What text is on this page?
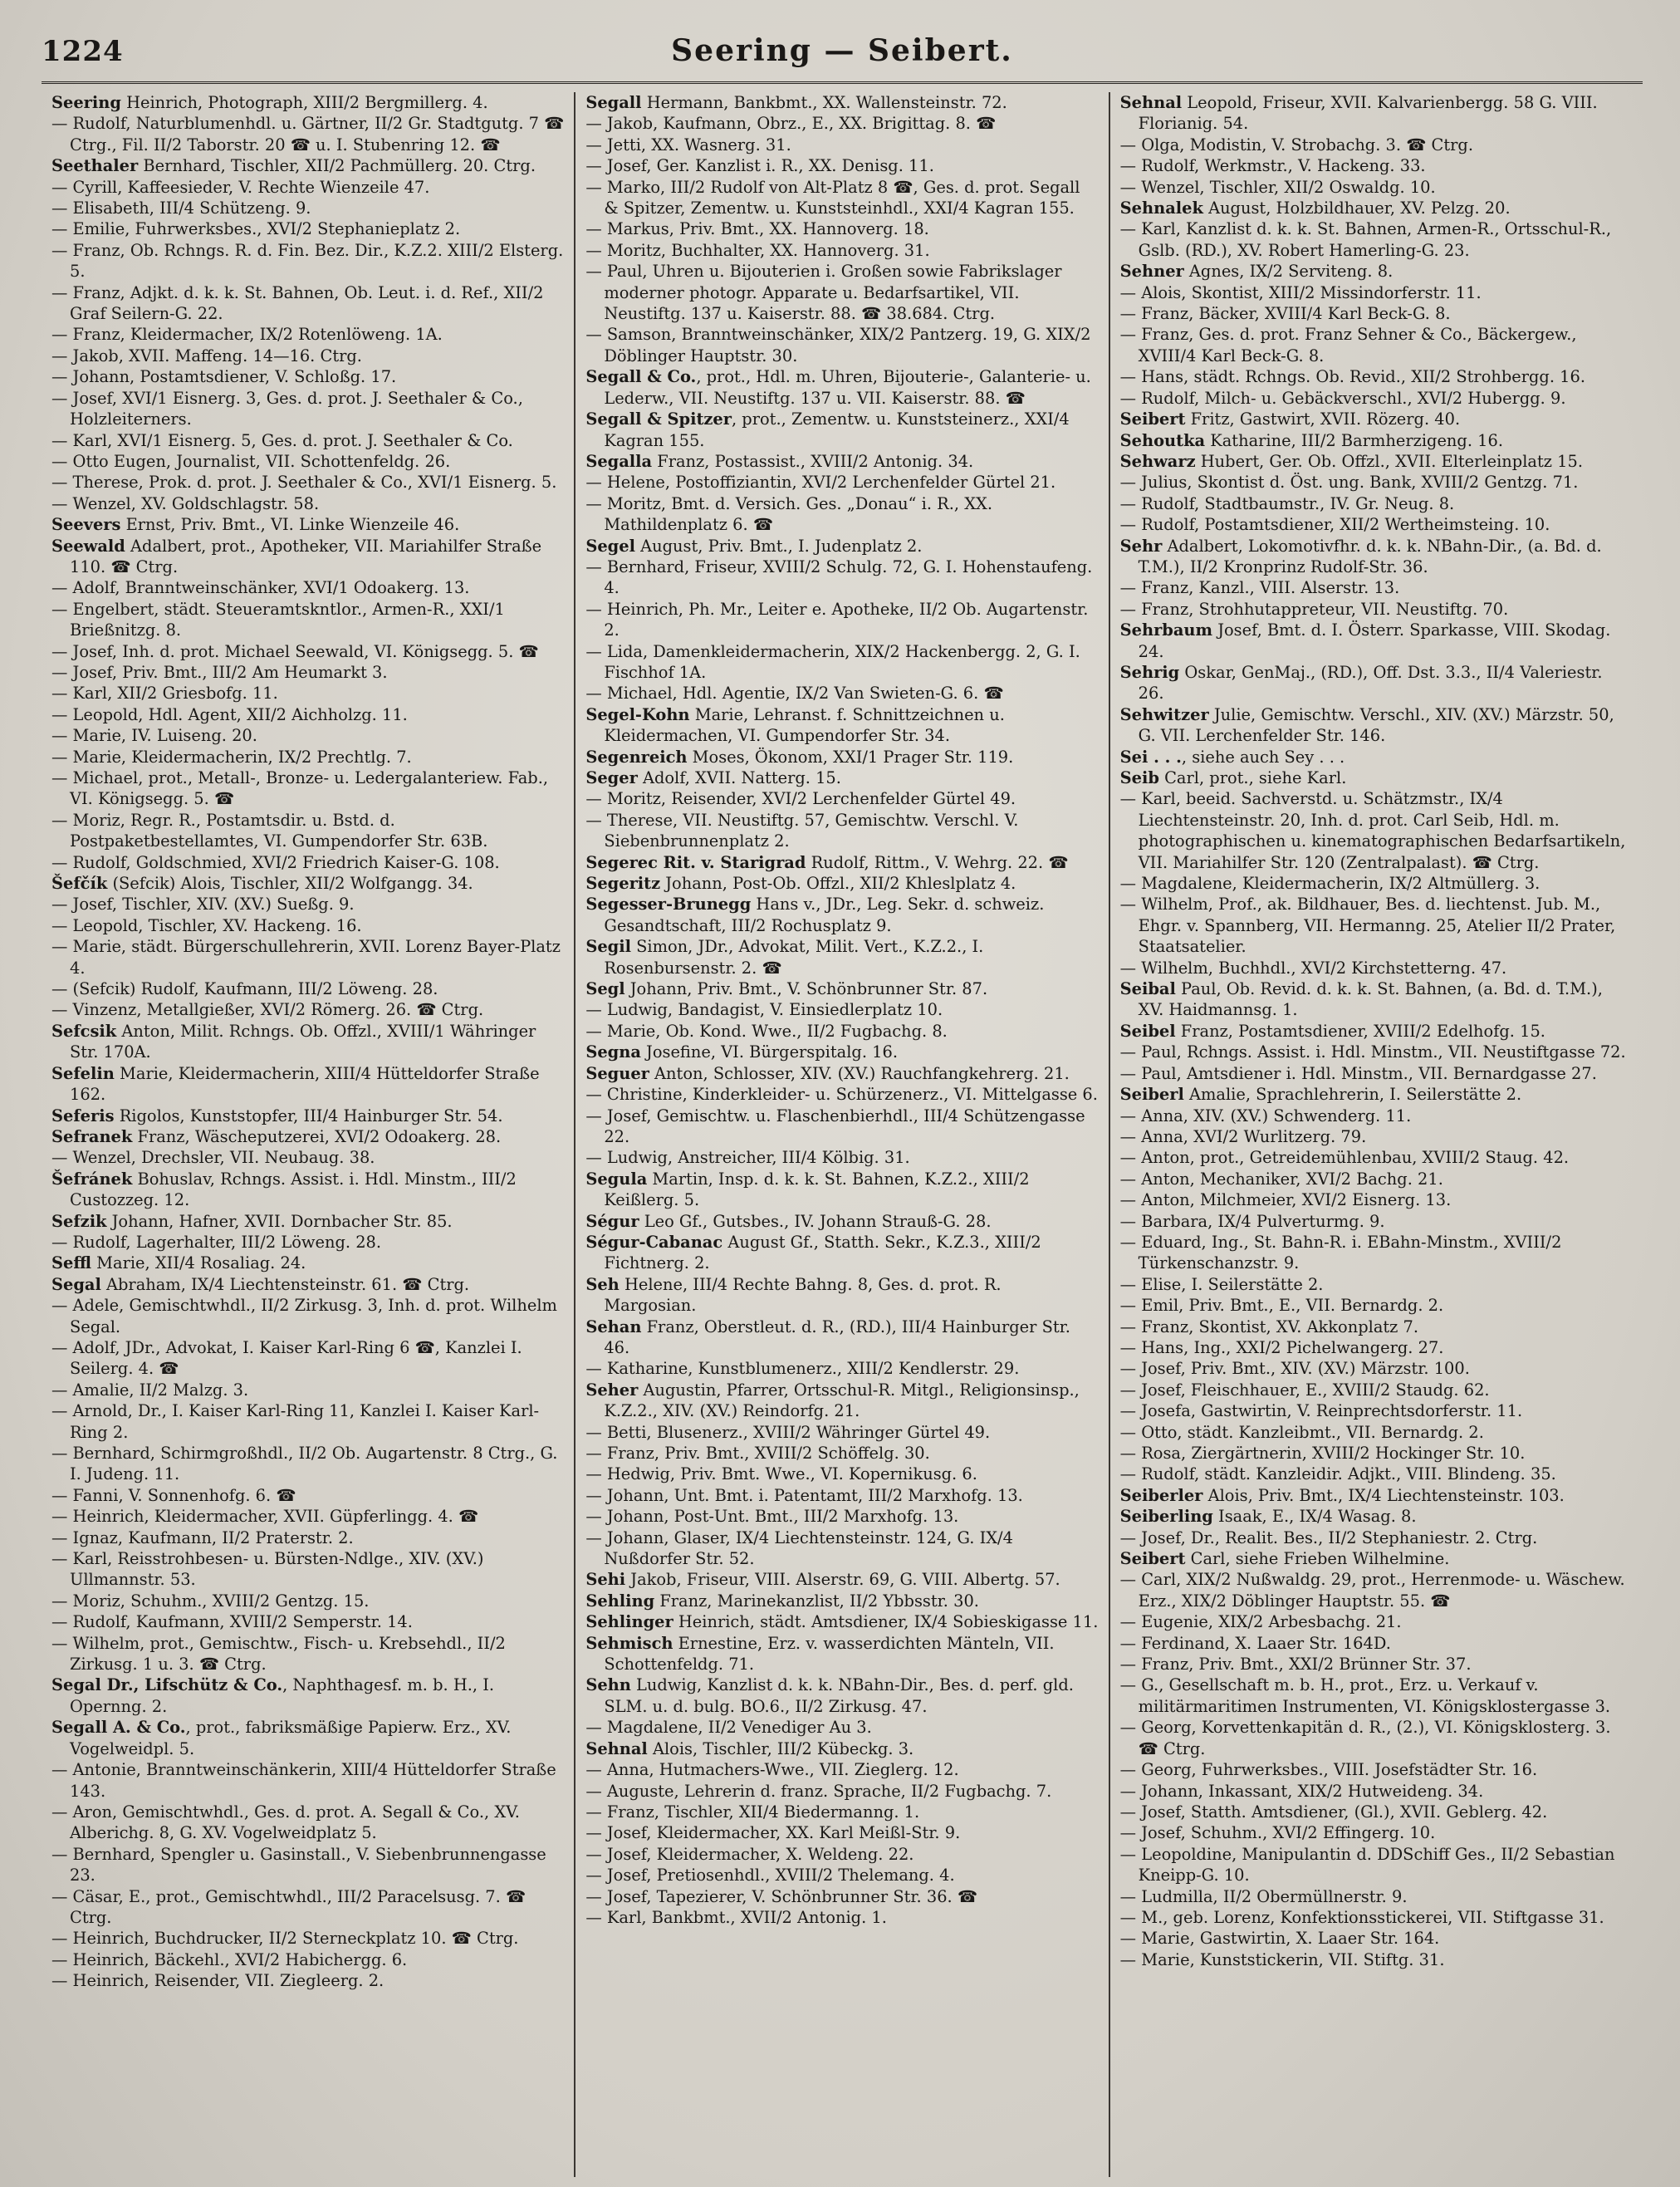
1224	Seering — Seibert.
Seering Heinrich, Photograph, XIII/2 Bergmillerg. 4.
— Rudolf, Naturblumenhdl. u. Gärtner, II/2 Gr. Stadtgutg. 7 ☎ Ctrg., Fil. II/2 Taborstr. 20 ☎ u. I. Stubenring 12. ☎
Seethaler Bernhard, Tischler, XII/2 Pachmüllerg. 20. Ctrg.
— Cyrill, Kaffeesieder, V. Rechte Wienzeile 47.
— Elisabeth, III/4 Schützeng. 9.
— Emilie, Fuhrwerksbes., XVI/2 Stephanieplatz 2.
— Franz, Ob. Rchngs. R. d. Fin. Bez. Dir., K.Z.2. XIII/2 Elsterg. 5.
— Franz, Adjkt. d. k. k. St. Bahnen, Ob. Leut. i. d. Ref., XII/2 Graf Seilern-G. 22.
— Franz, Kleidermacher, IX/2 Rotenlöweng. 1A.
— Jakob, XVII. Maffeng. 14—16. Ctrg.
— Johann, Postamtsdiener, V. Schloßg. 17.
— Josef, XVI/1 Eisnerg. 3, Ges. d. prot. J. Seethaler & Co., Holzleiterners.
— Karl, XVI/1 Eisnerg. 5, Ges. d. prot. J. Seethaler & Co.
— Otto Eugen, Journalist, VII. Schottenfeldg. 26.
— Therese, Prok. d. prot. J. Seethaler & Co., XVI/1 Eisnerg. 5.
— Wenzel, XV. Goldschlagstr. 58.
Seevers Ernst, Priv. Bmt., VI. Linke Wienzeile 46.
Seewald Adalbert, prot., Apotheker, VII. Mariahilfer Straße 110. ☎ Ctrg.
— Adolf, Branntweinschänker, XVI/1 Odoakerg. 13.
— Engelbert, städt. Steueramtskntlor., Armen-R., XXI/1 Brießnitzg. 8.
— Josef, Inh. d. prot. Michael Seewald, VI. Königsegg. 5. ☎
— Josef, Priv. Bmt., III/2 Am Heumarkt 3.
— Karl, XII/2 Griesbofg. 11.
— Leopold, Hdl. Agent, XII/2 Aichholzg. 11.
— Marie, IV. Luiseng. 20.
— Marie, Kleidermacherin, IX/2 Prechtlg. 7.
— Michael, prot., Metall-, Bronze- u. Ledergalanteriew. Fab., VI. Königsegg. 5. ☎
— Moriz, Regr. R., Postamtsdir. u. Bstd. d. Postpaketbestellamtes, VI. Gumpendorfer Str. 63B.
— Rudolf, Goldschmied, XVI/2 Friedrich Kaiser-G. 108.
Šefčík (Sefcik) Alois, Tischler, XII/2 Wolfgangg. 34.
— Josef, Tischler, XIV. (XV.) Sueßg. 9.
— Leopold, Tischler, XV. Hackeng. 16.
— Marie, städt. Bürgerschullehrerin, XVII. Lorenz Bayer-Platz 4.
— (Sefcik) Rudolf, Kaufmann, III/2 Löweng. 28.
— Vinzenz, Metallgießer, XVI/2 Römerg. 26. ☎ Ctrg.
Sefcsik Anton, Milit. Rchngs. Ob. Offzl., XVIII/1 Währinger Str. 170A.
Sefelin Marie, Kleidermacherin, XIII/4 Hütteldorfer Straße 162.
Seferis Rigolos, Kunststopfer, III/4 Hainburger Str. 54.
Sefranek Franz, Wäscheputzerei, XVI/2 Odoakerg. 28.
— Wenzel, Drechsler, VII. Neubaug. 38.
Šefránek Bohuslav, Rchngs. Assist. i. Hdl. Minstm., III/2 Custozzeg. 12.
Sefzik Johann, Hafner, XVII. Dornbacher Str. 85.
— Rudolf, Lagerhalter, III/2 Löweng. 28.
Seffl Marie, XII/4 Rosaliag. 24.
Segal Abraham, IX/4 Liechtensteinstr. 61. ☎ Ctrg.
— Adele, Gemischtwhdl., II/2 Zirkusg. 3, Inh. d. prot. Wilhelm Segal.
— Adolf, JDr., Advokat, I. Kaiser Karl-Ring 6 ☎, Kanzlei I. Seilerg. 4. ☎
— Amalie, II/2 Malzg. 3.
— Arnold, Dr., I. Kaiser Karl-Ring 11, Kanzlei I. Kaiser Karl-Ring 2.
— Bernhard, Schirmgroßhdl., II/2 Ob. Augartenstr. 8 Ctrg., G. I. Judeng. 11.
— Fanni, V. Sonnenhofg. 6. ☎
— Heinrich, Kleidermacher, XVII. Güpferlingg. 4. ☎
— Ignaz, Kaufmann, II/2 Praterstr. 2.
— Karl, Reisstrohbesen- u. Bürsten-Ndlge., XIV. (XV.) Ullmannstr. 53.
— Moriz, Schuhm., XVIII/2 Gentzg. 15.
— Rudolf, Kaufmann, XVIII/2 Semperstr. 14.
— Wilhelm, prot., Gemischtw., Fisch- u. Krebsehdl., II/2 Zirkusg. 1 u. 3. ☎ Ctrg.
Segal Dr., Lifschütz & Co., Naphthagesf. m. b. H., I. Opernng. 2.
Segall A. & Co., prot., fabriksmäßige Papierw. Erz., XV. Vogelweidpl. 5.
— Antonie, Branntweinschänkerin, XIII/4 Hütteldorfer Straße 143.
— Aron, Gemischtwhdl., Ges. d. prot. A. Segall & Co., XV. Alberichg. 8, G. XV. Vogelweidplatz 5.
— Bernhard, Spengler u. Gasinstall., V. Siebenbrunnengasse 23.
— Cäsar, E., prot., Gemischtwhdl., III/2 Paracelsusg. 7. ☎ Ctrg.
— Heinrich, Buchdrucker, II/2 Sterneckplatz 10. ☎ Ctrg.
— Heinrich, Bäckehl., XVI/2 Habichergg. 6.
— Heinrich, Reisender, VII. Ziegleerg. 2.
Segall Hermann, Bankbmt., XX. Wallensteinstr. 72.
— Jakob, Kaufmann, Obrz., E., XX. Brigittag. 8. ☎
— Jetti, XX. Wasnerg. 31.
— Josef, Ger. Kanzlist i. R., XX. Denisg. 11.
— Marko, III/2 Rudolf von Alt-Platz 8 ☎, Ges. d. prot. Segall & Spitzer, Zementw. u. Kunststeinhdl., XXI/4 Kagran 155.
— Markus, Priv. Bmt., XX. Hannoverg. 18.
— Moritz, Buchhalter, XX. Hannoverg. 31.
— Paul, Uhren u. Bijouterien i. Großen sowie Fabrikslager moderner photogr. Apparate u. Bedarfsartikel, VII. Neustiftg. 137 u. Kaiserstr. 88. ☎ 38.684. Ctrg.
— Samson, Branntweinschänker, XIX/2 Pantzerg. 19, G. XIX/2 Döblinger Hauptstr. 30.
Segall & Co., prot., Hdl. m. Uhren, Bijouterie-, Galanterie- u. Lederw., VII. Neustiftg. 137 u. VII. Kaiserstr. 88. ☎
Segall & Spitzer, prot., Zementw. u. Kunststeinerz., XXI/4 Kagran 155.
Segalla Franz, Postassist., XVIII/2 Antonig. 34.
— Helene, Postoffiziantin, XVI/2 Lerchenfelder Gürtel 21.
— Moritz, Bmt. d. Versich. Ges. „Donau“ i. R., XX. Mathildenplatz 6. ☎
Segel August, Priv. Bmt., I. Judenplatz 2.
— Bernhard, Friseur, XVIII/2 Schulg. 72, G. I. Hohenstaufeng. 4.
— Heinrich, Ph. Mr., Leiter e. Apotheke, II/2 Ob. Augartenstr. 2.
— Lida, Damenkleidermacherin, XIX/2 Hackenbergg. 2, G. I. Fischhof 1A.
— Michael, Hdl. Agentie, IX/2 Van Swieten-G. 6. ☎
Segel-Kohn Marie, Lehranst. f. Schnittzeichnen u. Kleidermachen, VI. Gumpendorfer Str. 34.
Segenreich Moses, Ökonom, XXI/1 Prager Str. 119.
Seger Adolf, XVII. Natterg. 15.
— Moritz, Reisender, XVI/2 Lerchenfelder Gürtel 49.
— Therese, VII. Neustiftg. 57, Gemischtw. Verschl. V. Siebenbrunnenplatz 2.
Segerec Rit. v. Starigrad Rudolf, Rittm., V. Wehrg. 22. ☎
Segeritz Johann, Post-Ob. Offzl., XII/2 Khleslplatz 4.
Segesser-Brunegg Hans v., JDr., Leg. Sekr. d. schweiz. Gesandtschaft, III/2 Rochusplatz 9.
Segil Simon, JDr., Advokat, Milit. Vert., K.Z.2., I. Rosenbursenstr. 2. ☎
Segl Johann, Priv. Bmt., V. Schönbrunner Str. 87.
— Ludwig, Bandagist, V. Einsiedlerplatz 10.
— Marie, Ob. Kond. Wwe., II/2 Fugbachg. 8.
Segna Josefine, VI. Bürgerspitalg. 16.
Seguer Anton, Schlosser, XIV. (XV.) Rauchfangkehrerg. 21.
— Christine, Kinderkleider- u. Schürzenerz., VI. Mittelgasse 6.
— Josef, Gemischtw. u. Flaschenbierhdl., III/4 Schützengasse 22.
— Ludwig, Anstreicher, III/4 Kölbig. 31.
Segula Martin, Insp. d. k. k. St. Bahnen, K.Z.2., XIII/2 Keißlerg. 5.
Ségur Leo Gf., Gutsbes., IV. Johann Strauß-G. 28.
Ségur-Cabanac August Gf., Statth. Sekr., K.Z.3., XIII/2 Fichtnerg. 2.
Seh Helene, III/4 Rechte Bahng. 8, Ges. d. prot. R. Margosian.
Sehan Franz, Oberstleut. d. R., (RD.), III/4 Hainburger Str. 46.
— Katharine, Kunstblumenerz., XIII/2 Kendlerstr. 29.
Seher Augustin, Pfarrer, Ortsschul-R. Mitgl., Religionsinsp., K.Z.2., XIV. (XV.) Reindorfg. 21.
— Betti, Blusenerz., XVIII/2 Währinger Gürtel 49.
— Franz, Priv. Bmt., XVIII/2 Schöffelg. 30.
— Hedwig, Priv. Bmt. Wwe., VI. Kopernikusg. 6.
— Johann, Unt. Bmt. i. Patentamt, III/2 Marxhofg. 13.
— Johann, Post-Unt. Bmt., III/2 Marxhofg. 13.
— Johann, Glaser, IX/4 Liechtensteinstr. 124, G. IX/4 Nußdorfer Str. 52.
Sehi Jakob, Friseur, VIII. Alserstr. 69, G. VIII. Albertg. 57.
Sehling Franz, Marinekanzlist, II/2 Ybbsstr. 30.
Sehlinger Heinrich, städt. Amtsdiener, IX/4 Sobieskigasse 11.
Sehmisch Ernestine, Erz. v. wasserdichten Mänteln, VII. Schottenfeldg. 71.
Sehn Ludwig, Kanzlist d. k. k. NBahn-Dir., Bes. d. perf. gld. SLM. u. d. bulg. BO.6., II/2 Zirkusg. 47.
— Magdalene, II/2 Venediger Au 3.
Sehnal Alois, Tischler, III/2 Kübeckg. 3.
— Anna, Hutmachers-Wwe., VII. Zieglerg. 12.
— Auguste, Lehrerin d. franz. Sprache, II/2 Fugbachg. 7.
— Franz, Tischler, XII/4 Biedermanng. 1.
— Josef, Kleidermacher, XX. Karl Meißl-Str. 9.
— Josef, Kleidermacher, X. Weldeng. 22.
— Josef, Pretiosenhdl., XVIII/2 Thelemang. 4.
— Josef, Tapezierer, V. Schönbrunner Str. 36. ☎
— Karl, Bankbmt., XVII/2 Antonig. 1.
Sehnal Leopold, Friseur, XVII. Kalvarienbergg. 58 G. VIII. Florianig. 54.
— Olga, Modistin, V. Strobachg. 3. ☎ Ctrg.
— Rudolf, Werkmstr., V. Hackeng. 33.
— Wenzel, Tischler, XII/2 Oswaldg. 10.
Sehnalek August, Holzbildhauer, XV. Pelzg. 20.
— Karl, Kanzlist d. k. k. St. Bahnen, Armen-R., Ortsschul-R., Gslb. (RD.), XV. Robert Hamerling-G. 23.
Sehner Agnes, IX/2 Serviteng. 8.
— Alois, Skontist, XIII/2 Missindorferstr. 11.
— Franz, Bäcker, XVIII/4 Karl Beck-G. 8.
— Franz, Ges. d. prot. Franz Sehner & Co., Bäckergew., XVIII/4 Karl Beck-G. 8.
— Hans, städt. Rchngs. Ob. Revid., XII/2 Strohbergg. 16.
— Rudolf, Milch- u. Gebäckverschl., XVI/2 Hubergg. 9.
Seibert Fritz, Gastwirt, XVII. Rözerg. 40.
Sehoutka Katharine, III/2 Barmherzigeng. 16.
Sehwarz Hubert, Ger. Ob. Offzl., XVII. Elterleinplatz 15.
— Julius, Skontist d. Öst. ung. Bank, XVIII/2 Gentzg. 71.
— Rudolf, Stadtbaumstr., IV. Gr. Neug. 8.
— Rudolf, Postamtsdiener, XII/2 Wertheimsteing. 10.
Sehr Adalbert, Lokomotivfhr. d. k. k. NBahn-Dir., (a. Bd. d. T.M.), II/2 Kronprinz Rudolf-Str. 36.
— Franz, Kanzl., VIII. Alserstr. 13.
— Franz, Strohhutappreteur, VII. Neustiftg. 70.
Sehrbaum Josef, Bmt. d. I. Österr. Sparkasse, VIII. Skodag. 24.
Sehrig Oskar, GenMaj., (RD.), Off. Dst. 3.3., II/4 Valeriestr. 26.
Sehwitzer Julie, Gemischtw. Verschl., XIV. (XV.) Märzstr. 50, G. VII. Lerchenfelder Str. 146.
Sei . . ., siehe auch Sey . . .
Seib Carl, prot., siehe Karl.
— Karl, beeid. Sachverstd. u. Schätzmstr., IX/4 Liechtensteinstr. 20, Inh. d. prot. Carl Seib, Hdl. m. photographischen u. kinematographischen Bedarfsartikeln, VII. Mariahilfer Str. 120 (Zentralpalast). ☎ Ctrg.
— Magdalene, Kleidermacherin, IX/2 Altmüllerg. 3.
— Wilhelm, Prof., ak. Bildhauer, Bes. d. liechtenst. Jub. M., Ehgr. v. Spannberg, VII. Hermanng. 25, Atelier II/2 Prater, Staatsatelier.
— Wilhelm, Buchhdl., XVI/2 Kirchstetterng. 47.
Seibal Paul, Ob. Revid. d. k. k. St. Bahnen, (a. Bd. d. T.M.), XV. Haidmannsg. 1.
Seibel Franz, Postamtsdiener, XVIII/2 Edelhofg. 15.
— Paul, Rchngs. Assist. i. Hdl. Minstm., VII. Neustiftgasse 72.
— Paul, Amtsdiener i. Hdl. Minstm., VII. Bernardgasse 27.
Seiberl Amalie, Sprachlehrerin, I. Seilerstätte 2.
— Anna, XIV. (XV.) Schwenderg. 11.
— Anna, XVI/2 Wurlitzerg. 79.
— Anton, prot., Getreidemühlenbau, XVIII/2 Staug. 42.
— Anton, Mechaniker, XVI/2 Bachg. 21.
— Anton, Milchmeier, XVI/2 Eisnerg. 13.
— Barbara, IX/4 Pulverturmg. 9.
— Eduard, Ing., St. Bahn-R. i. EBahn-Minstm., XVIII/2 Türkenschanzstr. 9.
— Elise, I. Seilerstätte 2.
— Emil, Priv. Bmt., E., VII. Bernardg. 2.
— Franz, Skontist, XV. Akkonplatz 7.
— Hans, Ing., XXI/2 Pichelwangerg. 27.
— Josef, Priv. Bmt., XIV. (XV.) Märzstr. 100.
— Josef, Fleischhauer, E., XVIII/2 Staudg. 62.
— Josefa, Gastwirtin, V. Reinprechtsdorferstr. 11.
— Otto, städt. Kanzleibmt., VII. Bernardg. 2.
— Rosa, Ziergärtnerin, XVIII/2 Hockinger Str. 10.
— Rudolf, städt. Kanzleidir. Adjkt., VIII. Blindeng. 35.
Seiberler Alois, Priv. Bmt., IX/4 Liechtensteinstr. 103.
Seiberling Isaak, E., IX/4 Wasag. 8.
— Josef, Dr., Realit. Bes., II/2 Stephaniestr. 2. Ctrg.
Seibert Carl, siehe Frieben Wilhelmine.
— Carl, XIX/2 Nußwaldg. 29, prot., Herrenmode- u. Wäschew. Erz., XIX/2 Döblinger Hauptstr. 55. ☎
— Eugenie, XIX/2 Arbesbachg. 21.
— Ferdinand, X. Laaer Str. 164D.
— Franz, Priv. Bmt., XXI/2 Brünner Str. 37.
— G., Gesellschaft m. b. H., prot., Erz. u. Verkauf v. militärmaritimen Instrumenten, VI. Königsklostergasse 3.
— Georg, Korvettenkapitän d. R., (2.), VI. Königsklosterg. 3. ☎ Ctrg.
— Georg, Fuhrwerksbes., VIII. Josefstädter Str. 16.
— Johann, Inkassant, XIX/2 Hutweideng. 34.
— Josef, Statth. Amtsdiener, (Gl.), XVII. Geblerg. 42.
— Josef, Schuhm., XVI/2 Effingerg. 10.
— Leopoldine, Manipulantin d. DDSchiff Ges., II/2 Sebastian Kneipp-G. 10.
— Ludmilla, II/2 Obermüllnerstr. 9.
— M., geb. Lorenz, Konfektionsstickerei, VII. Stiftgasse 31.
— Marie, Gastwirtin, X. Laaer Str. 164.
— Marie, Kunststickerin, VII. Stiftg. 31.
